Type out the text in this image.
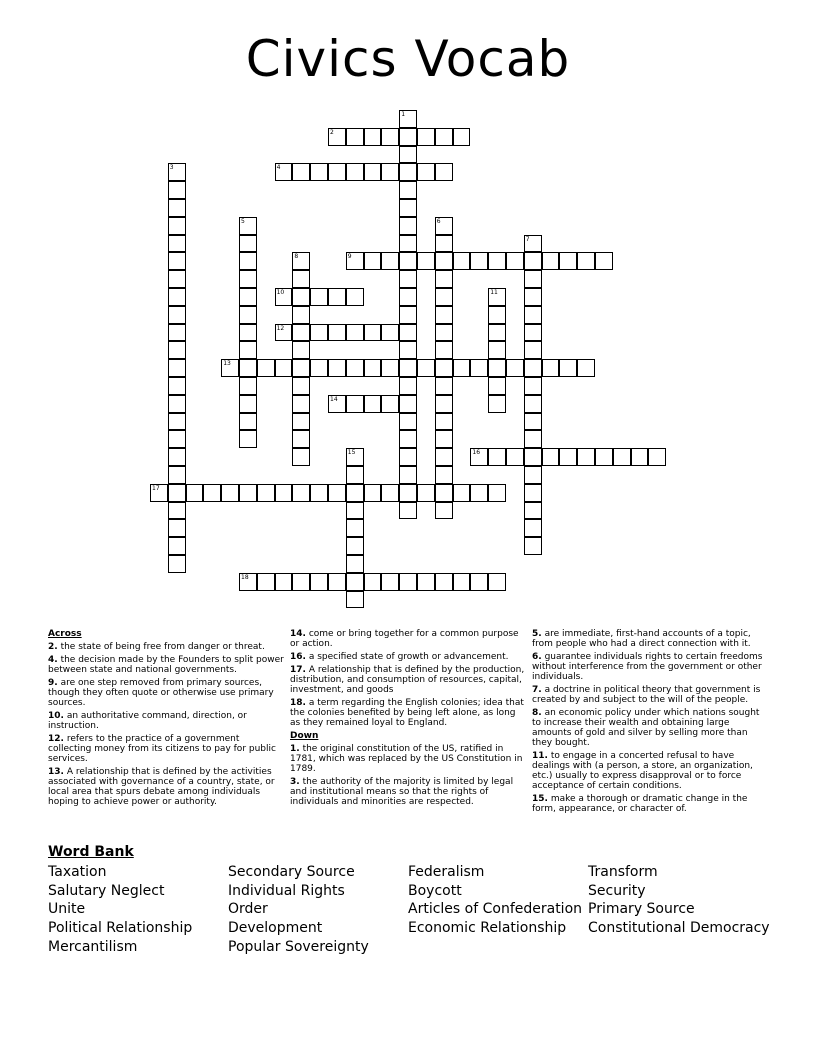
Civics Vocab
1
2
3	4
5	6
7
8	9
10	11
12
13
14
15	16
17
18
Across
2. the state of being free from danger or threat.
4. the decision made by the Founders to split power between state and national governments.
9. are one step removed from primary sources, though they often quote or otherwise use primary sources.
10. an authoritative command, direction, or instruction.
12. refers to the practice of a government collecting money from its citizens to pay for public services.
13. A relationship that is defined by the activities associated with governance of a country, state, or local area that spurs debate among individuals hoping to achieve power or authority.
14. come or bring together for a common purpose or action.
16. a specified state of growth or advancement.
17. A relationship that is defined by the production, distribution, and consumption of resources, capital, investment, and goods
18. a term regarding the English colonies; idea that the colonies benefited by being left alone, as long as they remained loyal to England.
Down
1. the original constitution of the US, ratified in 1781, which was replaced by the US Constitution in 1789.
3. the authority of the majority is limited by legal and institutional means so that the rights of individuals and minorities are respected.
5. are immediate, first-hand accounts of a topic, from people who had a direct connection with it.
6. guarantee individuals rights to certain freedoms without interference from the government or other individuals.
7. a doctrine in political theory that government is created by and subject to the will of the people.
8. an economic policy under which nations sought to increase their wealth and obtaining large amounts of gold and silver by selling more than they bought.
11. to engage in a concerted refusal to have dealings with (a person, a store, an organization, etc.) usually to express disapproval or to force acceptance of certain conditions.
15. make a thorough or dramatic change in the form, appearance, or character of.
Word Bank
Taxation
Salutary Neglect
Unite
Political Relationship
Mercantilism
Secondary Source
Individual Rights
Order
Development
Popular Sovereignty
Federalism
Boycott
Articles of Confederation
Economic Relationship
Transform
Security
Primary Source
Constitutional Democracy
